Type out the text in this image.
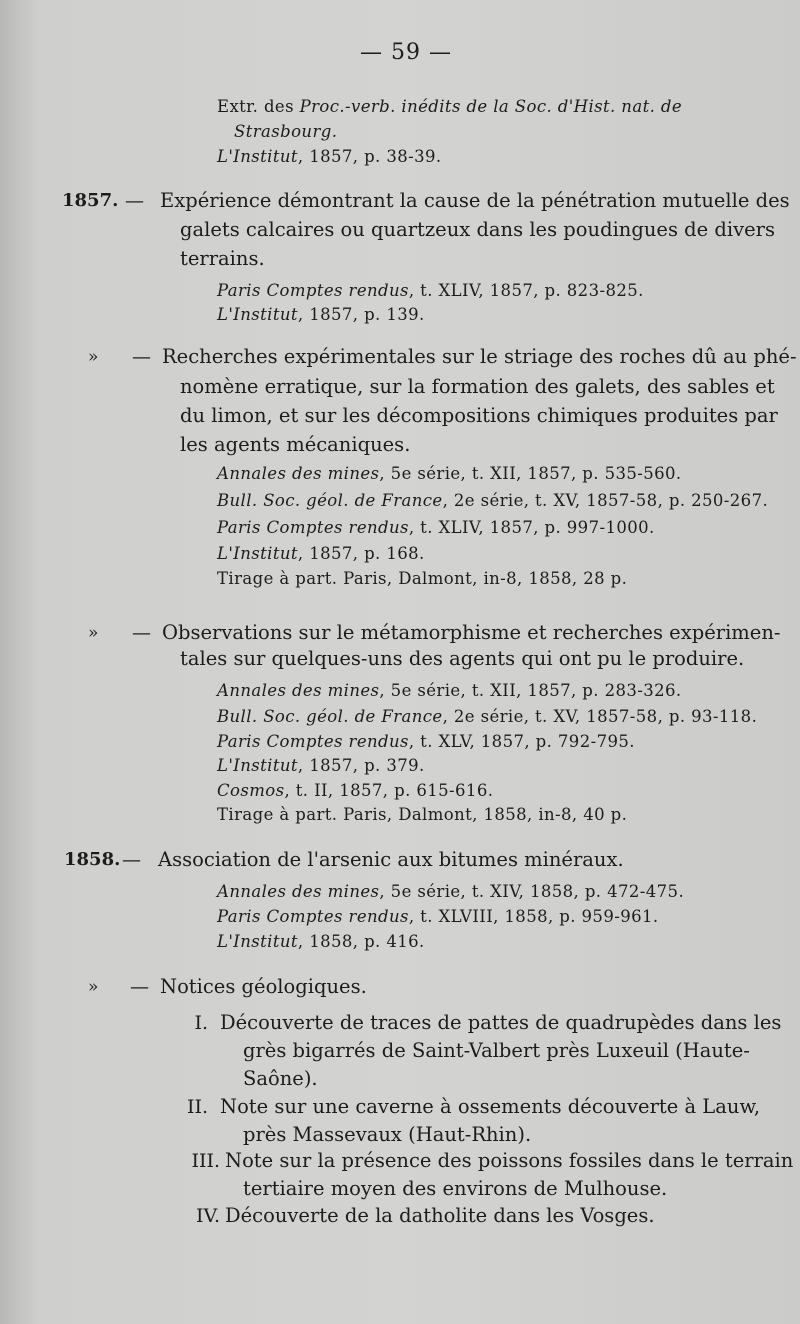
— 59 —
Extr. des Proc.-verb. inédits de la Soc. d'Hist. nat. de
Strasbourg.
L'Institut, 1857, p. 38-39.
1857. — Expérience démontrant la cause de la pénétration mutuelle des
galets calcaires ou quartzeux dans les poudingues de divers
terrains.
Paris Comptes rendus, t. XLIV, 1857, p. 823-825.
L'Institut, 1857, p. 139.
» — Recherches expérimentales sur le striage des roches dû au phé-
nomène erratique, sur la formation des galets, des sables et
du limon, et sur les décompositions chimiques produites par
les agents mécaniques.
Annales des mines, 5e série, t. XII, 1857, p. 535-560.
Bull. Soc. géol. de France, 2e série, t. XV, 1857-58, p. 250-267.
Paris Comptes rendus, t. XLIV, 1857, p. 997-1000.
L'Institut, 1857, p. 168.
Tirage à part. Paris, Dalmont, in-8, 1858, 28 p.
» — Observations sur le métamorphisme et recherches expérimen-
tales sur quelques-uns des agents qui ont pu le produire.
Annales des mines, 5e série, t. XII, 1857, p. 283-326.
Bull. Soc. géol. de France, 2e série, t. XV, 1857-58, p. 93-118.
Paris Comptes rendus, t. XLV, 1857, p. 792-795.
L'Institut, 1857, p. 379.
Cosmos, t. II, 1857, p. 615-616.
Tirage à part. Paris, Dalmont, 1858, in-8, 40 p.
1858. — Association de l'arsenic aux bitumes minéraux.
Annales des mines, 5e série, t. XIV, 1858, p. 472-475.
Paris Comptes rendus, t. XLVIII, 1858, p. 959-961.
L'Institut, 1858, p. 416.
» — Notices géologiques.
I. Découverte de traces de pattes de quadrupèdes dans les
grès bigarrés de Saint-Valbert près Luxeuil (Haute-
Saône).
II. Note sur une caverne à ossements découverte à Lauw,
près Massevaux (Haut-Rhin).
III. Note sur la présence des poissons fossiles dans le terrain
tertiaire moyen des environs de Mulhouse.
IV. Découverte de la datholite dans les Vosges.
